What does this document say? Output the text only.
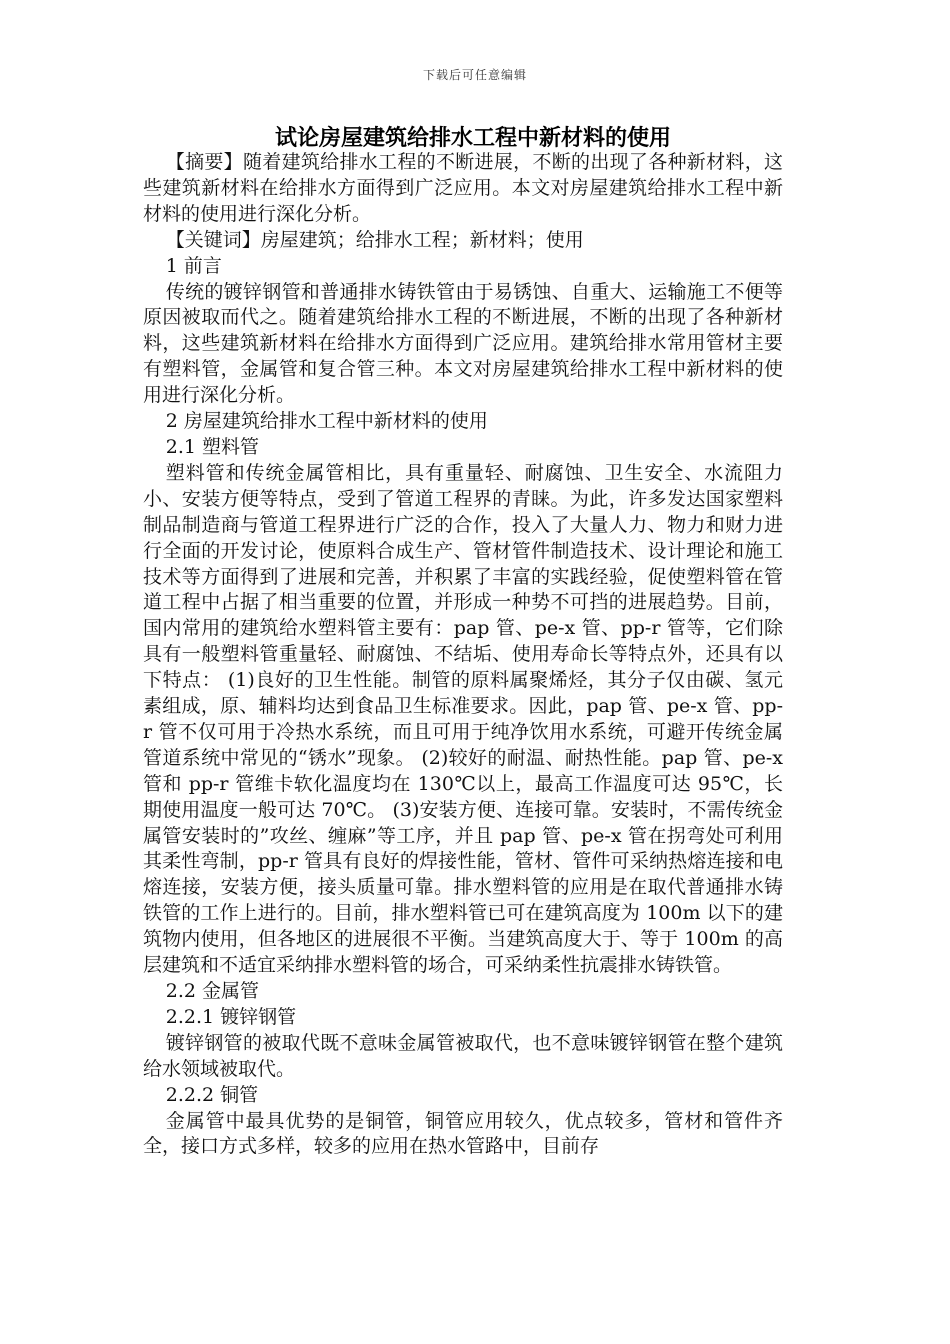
下载后可任意编辑
试论房屋建筑给排水工程中新材料的使用

【摘要】随着建筑给排水工程的不断进展，不断的出现了各种新材料，这些建筑新材料在给排水方面得到广泛应用。本文对房屋建筑给排水工程中新材料的使用进行深化分析。

【关键词】房屋建筑；给排水工程；新材料；使用

1 前言

传统的镀锌钢管和普通排水铸铁管由于易锈蚀、自重大、运输施工不便等原因被取而代之。随着建筑给排水工程的不断进展，不断的出现了各种新材料，这些建筑新材料在给排水方面得到广泛应用。建筑给排水常用管材主要有塑料管，金属管和复合管三种。本文对房屋建筑给排水工程中新材料的使用进行深化分析。

2 房屋建筑给排水工程中新材料的使用

2.1 塑料管

塑料管和传统金属管相比，具有重量轻、耐腐蚀、卫生安全、水流阻力小、安装方便等特点，受到了管道工程界的青睐。为此，许多发达国家塑料制品制造商与管道工程界进行广泛的合作，投入了大量人力、物力和财力进行全面的开发讨论，使原料合成生产、管材管件制造技术、设计理论和施工技术等方面得到了进展和完善，并积累了丰富的实践经验，促使塑料管在管道工程中占据了相当重要的位置，并形成一种势不可挡的进展趋势。目前，国内常用的建筑给水塑料管主要有：pap 管、pe-x 管、pp-r 管等，它们除具有一般塑料管重量轻、耐腐蚀、不结垢、使用寿命长等特点外，还具有以下特点： (1)良好的卫生性能。制管的原料属聚烯烃，其分子仅由碳、氢元素组成，原、辅料均达到食品卫生标准要求。因此，pap 管、pe-x 管、pp-r 管不仅可用于冷热水系统，而且可用于纯净饮用水系统，可避开传统金属管道系统中常见的“锈水”现象。 (2)较好的耐温、耐热性能。pap 管、pe-x 管和 pp-r 管维卡软化温度均在 130℃以上，最高工作温度可达 95℃，长期使用温度一般可达 70℃。 (3)安装方便、连接可靠。安装时，不需传统金属管安装时的”攻丝、缠麻”等工序，并且 pap 管、pe-x 管在拐弯处可利用其柔性弯制，pp-r 管具有良好的焊接性能，管材、管件可采纳热熔连接和电熔连接，安装方便，接头质量可靠。排水塑料管的应用是在取代普通排水铸铁管的工作上进行的。目前，排水塑料管已可在建筑高度为 100m 以下的建筑物内使用，但各地区的进展很不平衡。当建筑高度大于、等于 100m 的高层建筑和不适宜采纳排水塑料管的场合，可采纳柔性抗震排水铸铁管。

2.2 金属管

2.2.1 镀锌钢管

镀锌钢管的被取代既不意味金属管被取代，也不意味镀锌钢管在整个建筑给水领域被取代。

2.2.2 铜管

金属管中最具优势的是铜管，铜管应用较久，优点较多，管材和管件齐全，接口方式多样，较多的应用在热水管路中，目前存
